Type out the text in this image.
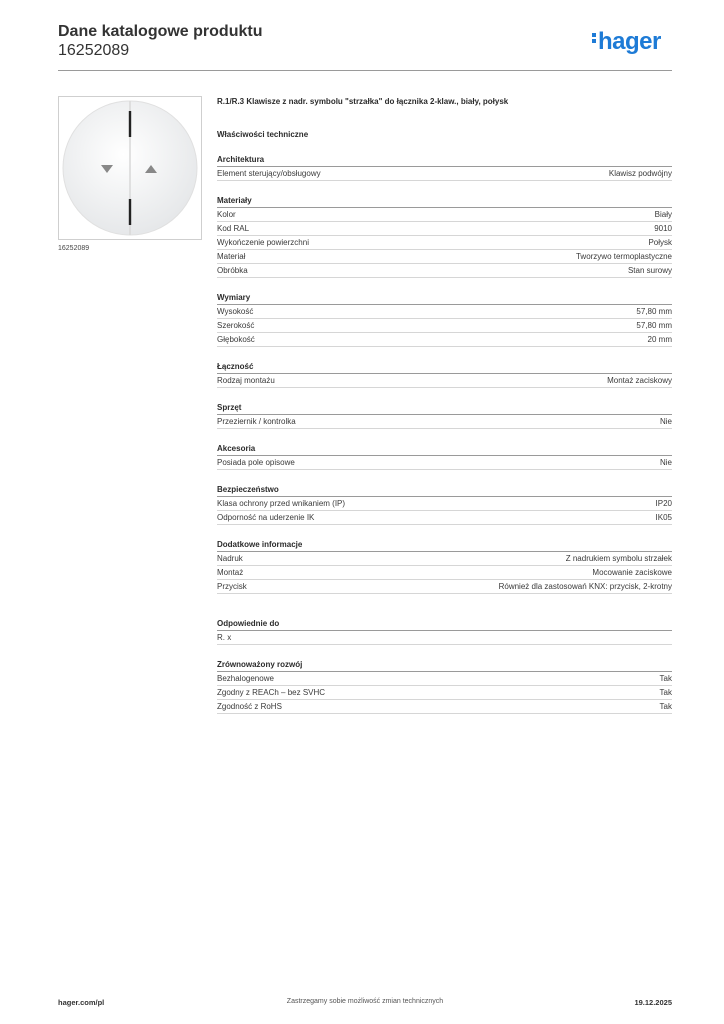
Dane katalogowe produktu
16252089	hager
16252089
R.1/R.3 Klawisze z nadr. symbolu "strzałka" do łącznika 2-klaw., biały, połysk
Właściwości techniczne
Architektura
Element sterujący/obsługowy	Klawisz podwójny
Materiały
Kolor	Biały
Kod RAL	9010
Wykończenie powierzchni	Połysk
Materiał	Tworzywo termoplastyczne
Obróbka	Stan surowy
Wymiary
Wysokość	57,80 mm
Szerokość	57,80 mm
Głębokość	20 mm
Łączność
Rodzaj montażu	Montaż zaciskowy
Sprzęt
Przeziernik / kontrolka	Nie
Akcesoria
Posiada pole opisowe	Nie
Bezpieczeństwo
Klasa ochrony przed wnikaniem (IP)	IP20
Odporność na uderzenie IK	IK05
Dodatkowe informacje
Nadruk	Z nadrukiem symbolu strzałek
Montaż	Mocowanie zaciskowe
Przycisk	Również dla zastosowań KNX: przycisk, 2-krotny
Odpowiednie do
R. x
Zrównoważony rozwój
Bezhalogenowe	Tak
Zgodny z REACh – bez SVHC	Tak
Zgodność z RoHS	Tak
hager.com/pl	Zastrzegamy sobie możliwość zmian technicznych	19.12.2025
